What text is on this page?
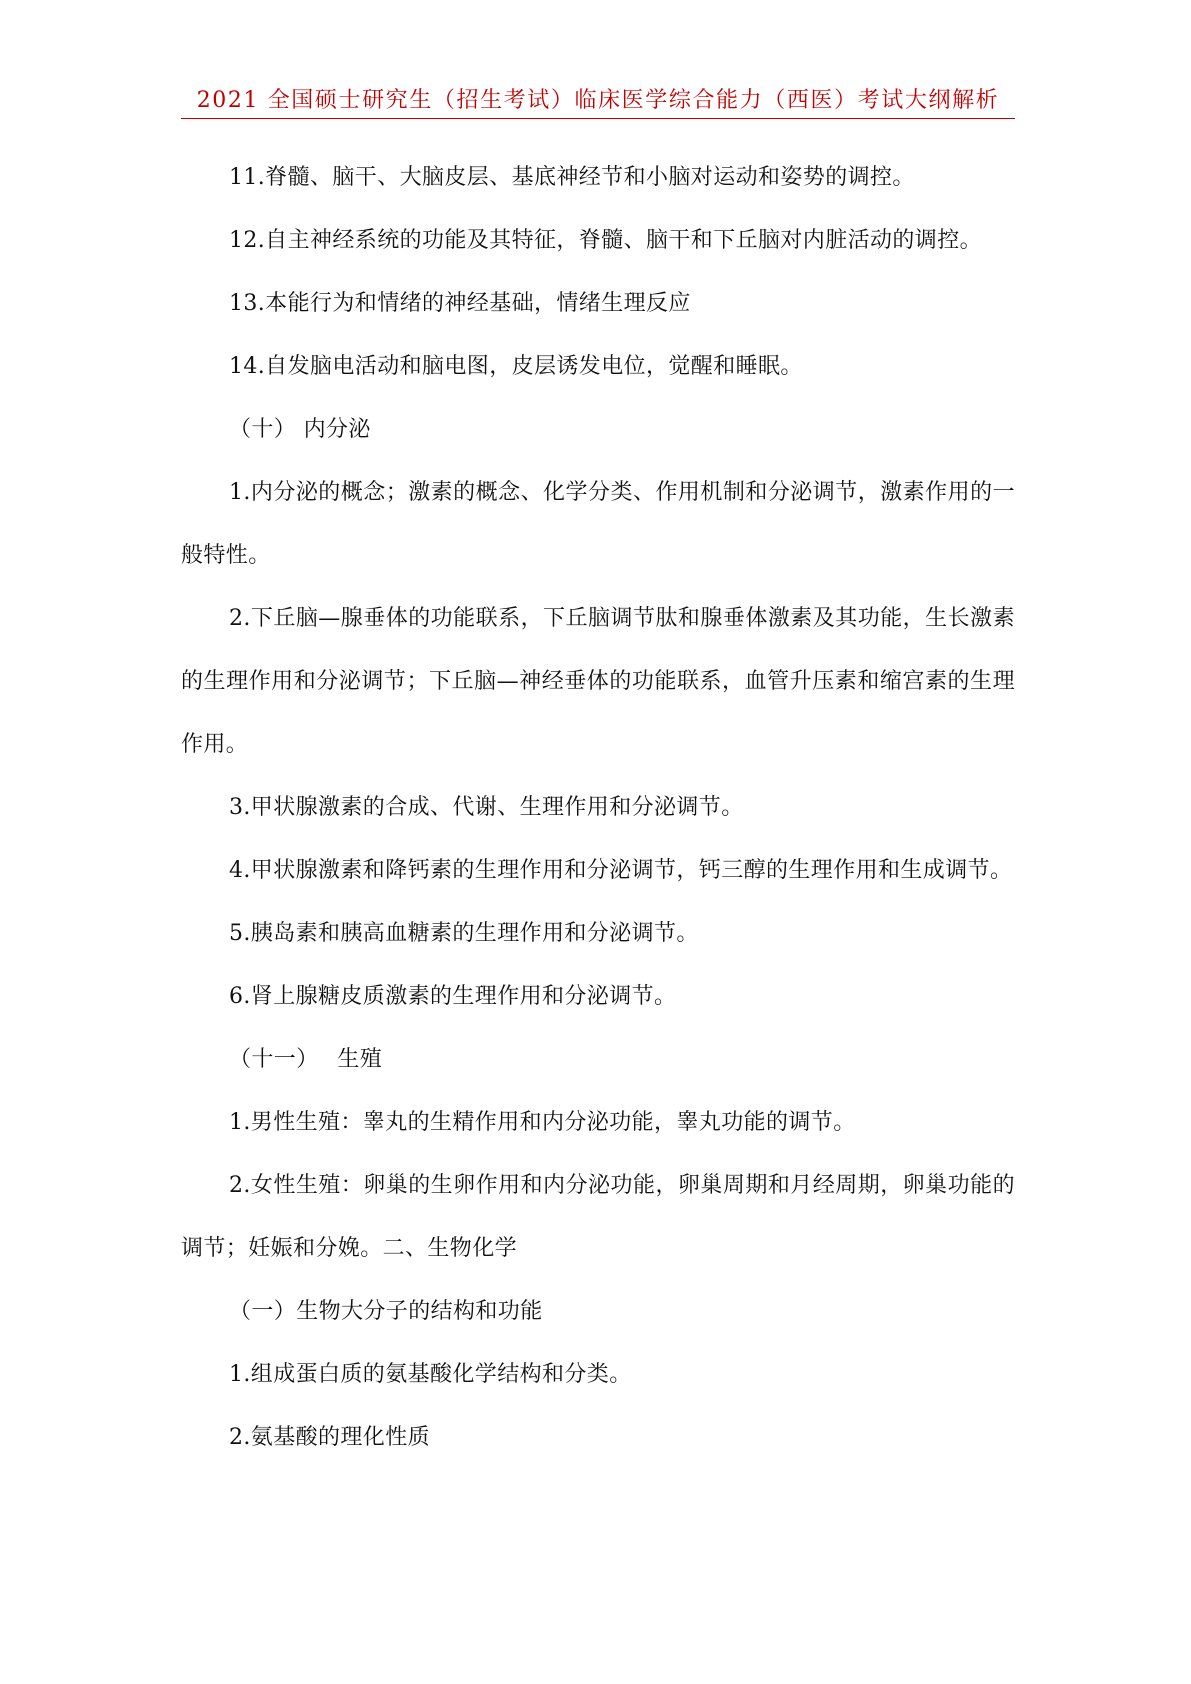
2021 全国硕士研究生（招生考试）临床医学综合能力（西医）考试大纲解析

11.脊髓、脑干、大脑皮层、基底神经节和小脑对运动和姿势的调控。

12.自主神经系统的功能及其特征，脊髓、脑干和下丘脑对内脏活动的调控。

13.本能行为和情绪的神经基础，情绪生理反应

14.自发脑电活动和脑电图，皮层诱发电位，觉醒和睡眠。

（十） 内分泌

1.内分泌的概念；激素的概念、化学分类、作用机制和分泌调节，激素作用的一般特性。

2.下丘脑—腺垂体的功能联系，下丘脑调节肽和腺垂体激素及其功能，生长激素的生理作用和分泌调节；下丘脑—神经垂体的功能联系，血管升压素和缩宫素的生理作用。

3.甲状腺激素的合成、代谢、生理作用和分泌调节。

4.甲状腺激素和降钙素的生理作用和分泌调节，钙三醇的生理作用和生成调节。

5.胰岛素和胰高血糖素的生理作用和分泌调节。

6.肾上腺糖皮质激素的生理作用和分泌调节。

（十一）　 生殖

1.男性生殖：睾丸的生精作用和内分泌功能，睾丸功能的调节。

2.女性生殖：卵巢的生卵作用和内分泌功能，卵巢周期和月经周期，卵巢功能的调节；妊娠和分娩。二、生物化学

（一）生物大分子的结构和功能

1.组成蛋白质的氨基酸化学结构和分类。

2.氨基酸的理化性质
